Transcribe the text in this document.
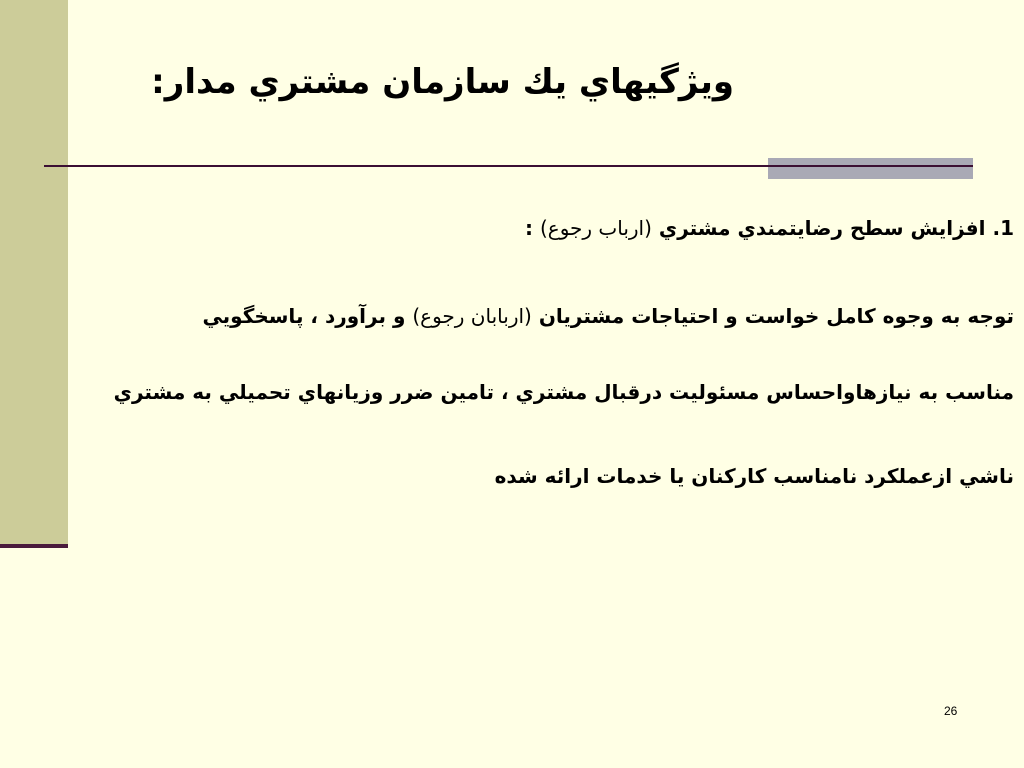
ويژگيهاي يك سازمان مشتري مدار:
1. افزايش سطح رضايتمندي مشتري (ارباب رجوع) :
توجه به وجوه كامل خواست و احتياجات مشتريان (اربابان رجوع) و برآورد ، پاسخگويي
مناسب به نيازهاواحساس مسئوليت درقبال مشتري ، تامين ضرر وزيانهاي تحميلي به مشتري
ناشي ازعملكرد نامناسب كاركنان يا خدمات ارائه شده
26
